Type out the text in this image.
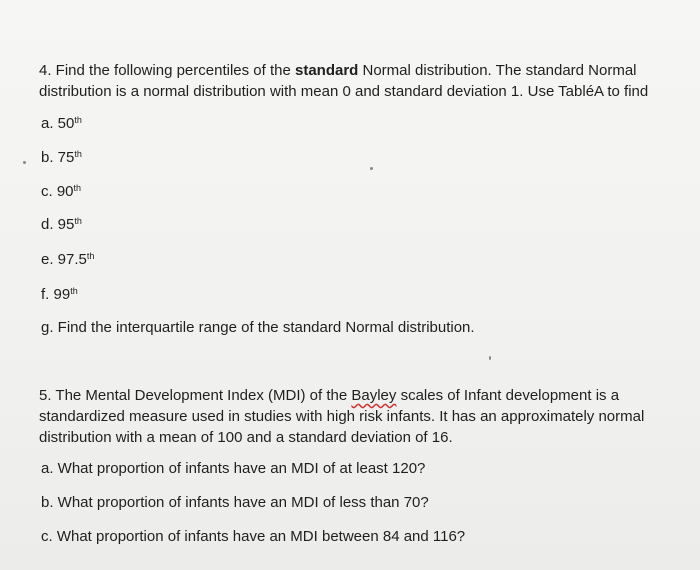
4. Find the following percentiles of the standard Normal distribution. The standard Normal
distribution is a normal distribution with mean 0 and standard deviation 1. Use TabléA to find
a. 50th
b. 75th
c. 90th
d. 95th
e. 97.5th
f. 99th
g. Find the interquartile range of the standard Normal distribution.
5. The Mental Development Index (MDI) of the Bayley scales of Infant development is a
standardized measure used in studies with high risk infants. It has an approximately normal
distribution with a mean of 100 and a standard deviation of 16.
a. What proportion of infants have an MDI of at least 120?
b. What proportion of infants have an MDI of less than 70?
c. What proportion of infants have an MDI between 84 and 116?
